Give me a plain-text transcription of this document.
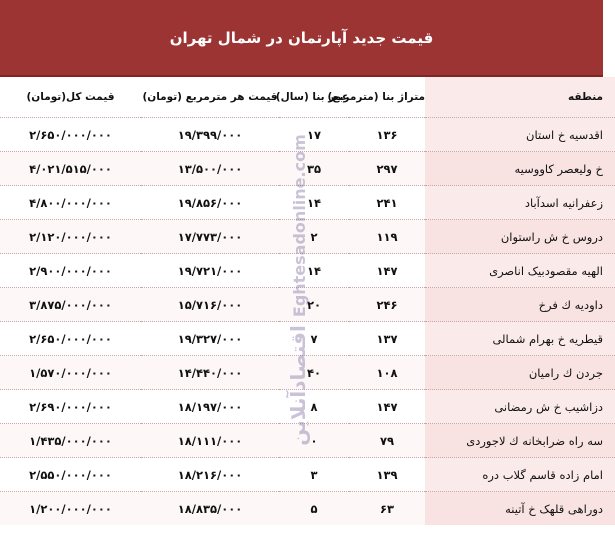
قیمت جدید آپارتمان در شمال تهران
منطقه	متراژ بنا (مترمربع)	عمر بنا (سال)	قیمت هر مترمربع (تومان)	قیمت کل(تومان)
اقدسیه خ استان	۱۳۶	۱۷	۱۹/۳۹۹/۰۰۰	۲/۶۵۰/۰۰۰/۰۰۰
خ ولیعصر کاووسیه	۲۹۷	۳۵	۱۳/۵۰۰/۰۰۰	۴/۰۲۱/۵۱۵/۰۰۰
زعفرانیه اسدآباد	۲۴۱	۱۴	۱۹/۸۵۶/۰۰۰	۴/۸۰۰/۰۰۰/۰۰۰
دروس خ ش راستوان	۱۱۹	۲	۱۷/۷۷۳/۰۰۰	۲/۱۲۰/۰۰۰/۰۰۰
الهیه مقصودبیک اناصری	۱۴۷	۱۴	۱۹/۷۲۱/۰۰۰	۲/۹۰۰/۰۰۰/۰۰۰
داودیه ك فرخ	۲۴۶	۲۰	۱۵/۷۱۶/۰۰۰	۳/۸۷۵/۰۰۰/۰۰۰
قیطریه خ بهرام شمالی	۱۳۷	۷	۱۹/۳۲۷/۰۰۰	۲/۶۵۰/۰۰۰/۰۰۰
جردن ك رامیان	۱۰۸	۴۰	۱۴/۴۴۰/۰۰۰	۱/۵۷۰/۰۰۰/۰۰۰
دزاشیب خ ش رمضانی	۱۴۷	۸	۱۸/۱۹۷/۰۰۰	۲/۶۹۰/۰۰۰/۰۰۰
سه راه ضرابخانه ك لاجوردی	۷۹	۰	۱۸/۱۱۱/۰۰۰	۱/۴۳۵/۰۰۰/۰۰۰
امام زاده قاسم گلاب دره	۱۳۹	۳	۱۸/۲۱۶/۰۰۰	۲/۵۵۰/۰۰۰/۰۰۰
دوراهی قلهک خ آتینه	۶۳	۵	۱۸/۸۳۵/۰۰۰	۱/۲۰۰/۰۰۰/۰۰۰
اقتصادآنلاینEghtesadonline.com
